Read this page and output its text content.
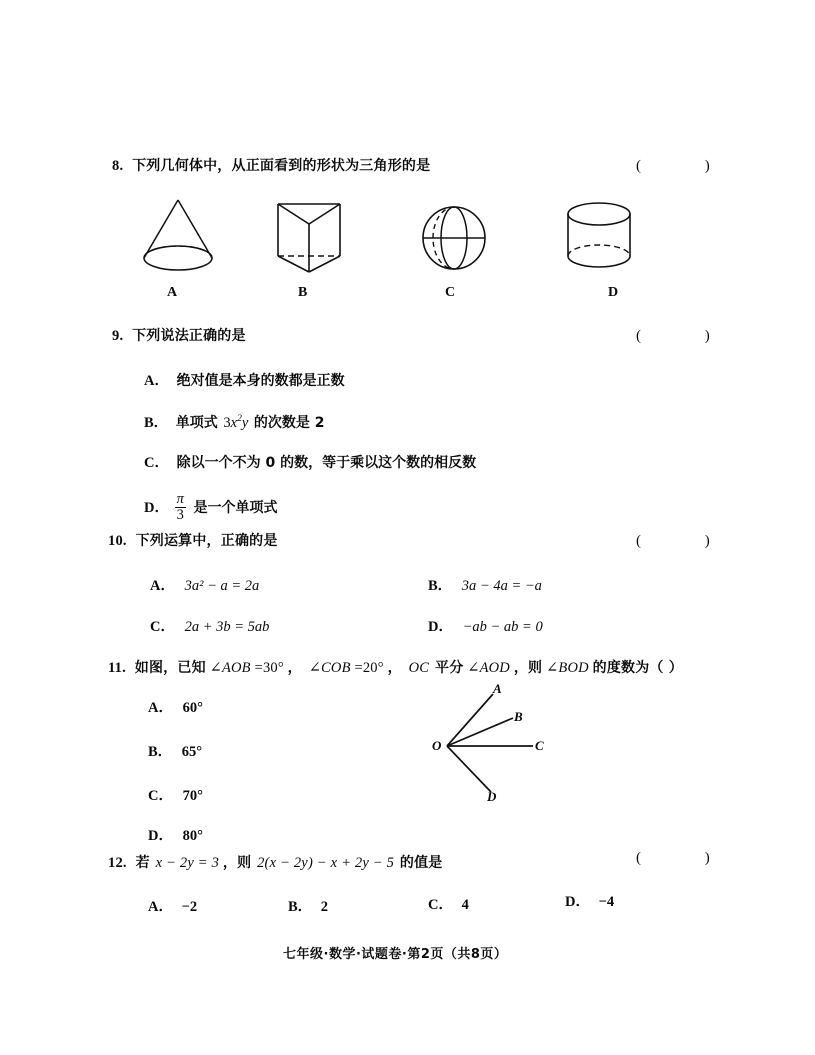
8. 下列几何体中，从正面看到的形状为三角形的是	( )
A	B	C	D
9. 下列说法正确的是	( )
A． 绝对值是本身的数都是正数
B． 单项式 $3x^2y$ 的次数是 2
C． 除以一个不为 0 的数，等于乘以这个数的相反数
D． $\frac{\pi}{3}$ 是一个单项式
10. 下列运算中，正确的是	( )
A． 3a² − a = 2a	B． 3a − 4a = −a
C． 2a + 3b = 5ab	D． −ab − ab = 0
11. 如图，已知 ∠AOB =30° ， ∠COB =20° ， OC 平分 ∠AOD ，则 ∠BOD 的度数为（ ）
A． 60°
B． 65°
C． 70°
D． 80°
A
B
C
D
O
12. 若 x − 2y = 3 ，则 2(x − 2y) − x + 2y − 5 的值是	( )
A． −2	B． 2	C． 4	D． −4
七年级·数学·试题卷·第2页（共8页）
